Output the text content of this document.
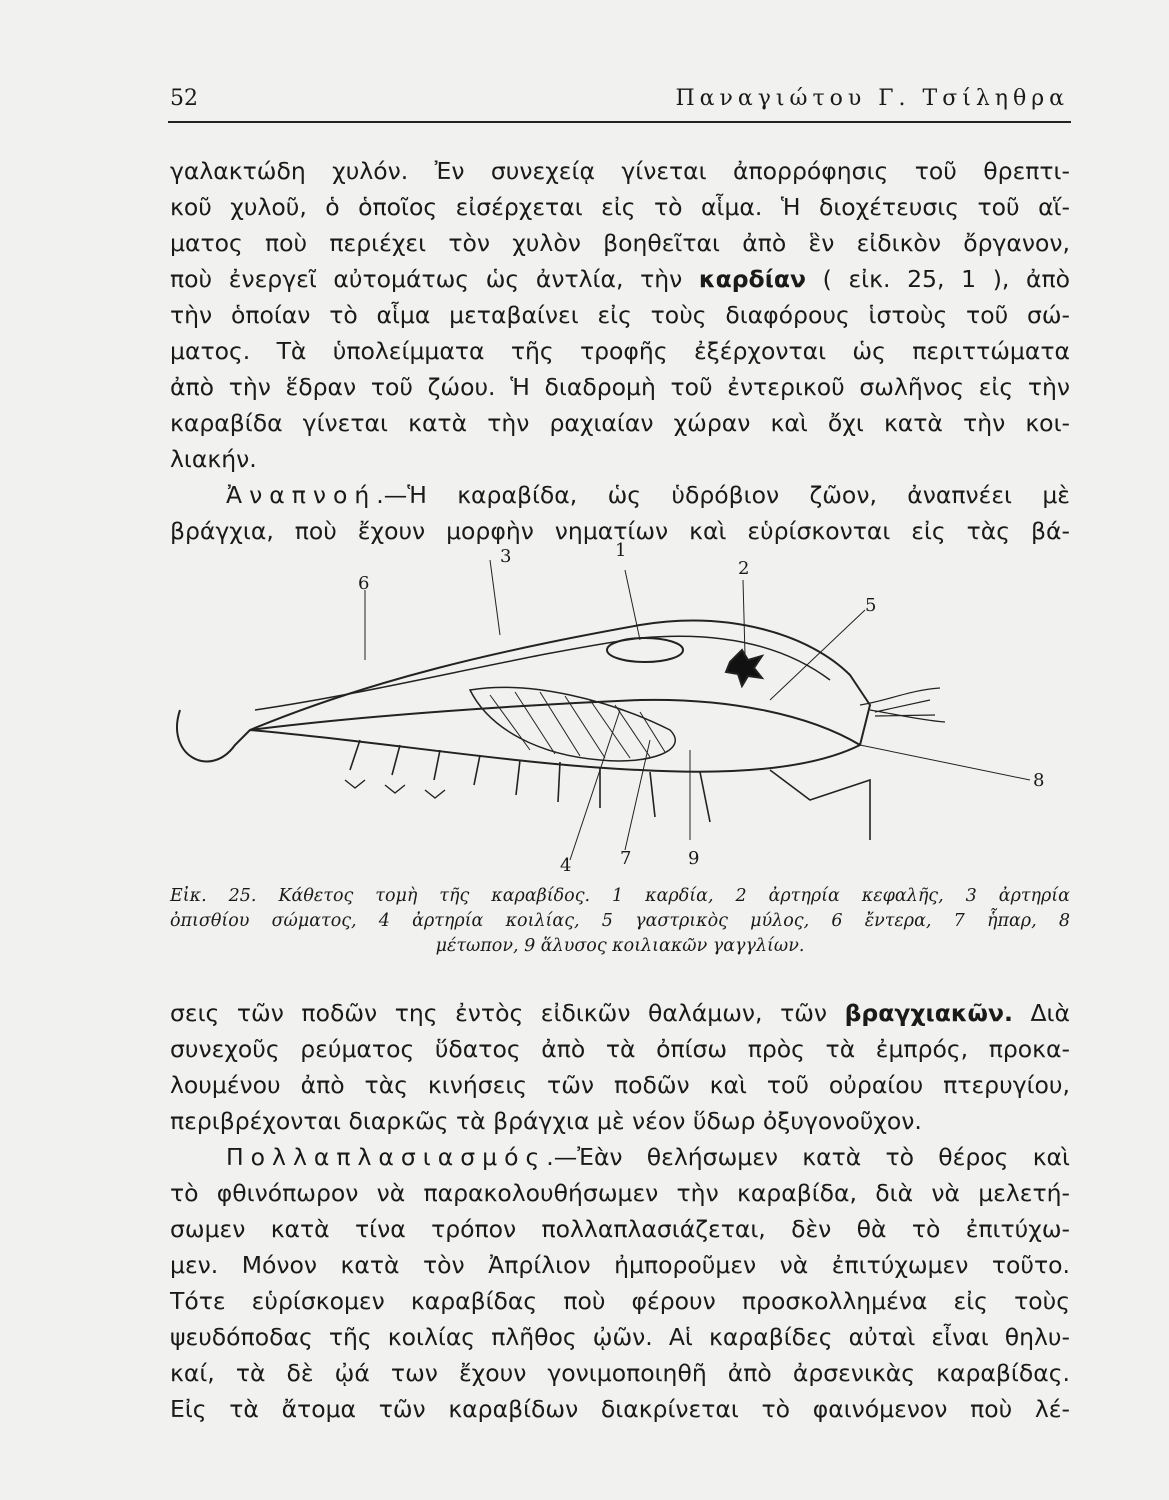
52	Παναγιώτου Γ. Τσίληθρα
γαλακτώδη χυλόν. Ἐν συνεχείᾳ γίνεται ἀπορρόφησις τοῦ θρεπτι-
κοῦ χυλοῦ, ὁ ὁποῖος εἰσέρχεται εἰς τὸ αἷμα. Ἡ διοχέτευσις τοῦ αἵ-
ματος ποὺ περιέχει τὸν χυλὸν βοηθεῖται ἀπὸ ἓν εἰδικὸν ὄργανον,
ποὺ ἐνεργεῖ αὐτομάτως ὡς ἀντλία, τὴν καρδίαν ( εἰκ. 25, 1 ), ἀπὸ
τὴν ὁποίαν τὸ αἷμα μεταβαίνει εἰς τοὺς διαφόρους ἱστοὺς τοῦ σώ-
ματος. Τὰ ὑπολείμματα τῆς τροφῆς ἐξέρχονται ὡς περιττώματα
ἀπὸ τὴν ἕδραν τοῦ ζώου. Ἡ διαδρομὴ τοῦ ἐντερικοῦ σωλῆνος εἰς τὴν
καραβίδα γίνεται κατὰ τὴν ραχιαίαν χώραν καὶ ὄχι κατὰ τὴν κοι-
λιακήν.
Ἀναπνοή.—Ἡ καραβίδα, ὡς ὑδρόβιον ζῶον, ἀναπνέει μὲ
βράγχια, ποὺ ἔχουν μορφὴν νηματίων καὶ εὑρίσκονται εἰς τὰς βά-
1
2
3
4
5
6
7
8
9
Εἰκ. 25. Κάθετος τομὴ τῆς καραβίδος. 1 καρδία, 2 ἀρτηρία κεφαλῆς, 3 ἀρτηρία
ὀπισθίου σώματος, 4 ἀρτηρία κοιλίας, 5 γαστρικὸς μύλος, 6 ἔντερα, 7 ἧπαρ, 8
μέτωπον, 9 ἅλυσος κοιλιακῶν γαγγλίων.
σεις τῶν ποδῶν της ἐντὸς εἰδικῶν θαλάμων, τῶν βραγχιακῶν. Διὰ
συνεχοῦς ρεύματος ὕδατος ἀπὸ τὰ ὀπίσω πρὸς τὰ ἐμπρός, προκα-
λουμένου ἀπὸ τὰς κινήσεις τῶν ποδῶν καὶ τοῦ οὐραίου πτερυγίου,
περιβρέχονται διαρκῶς τὰ βράγχια μὲ νέον ὕδωρ ὀξυγονοῦχον.
Πολλαπλασιασμός.—Ἐὰν θελήσωμεν κατὰ τὸ θέρος καὶ
τὸ φθινόπωρον νὰ παρακολουθήσωμεν τὴν καραβίδα, διὰ νὰ μελετή-
σωμεν κατὰ τίνα τρόπον πολλαπλασιάζεται, δὲν θὰ τὸ ἐπιτύχω-
μεν. Μόνον κατὰ τὸν Ἀπρίλιον ἠμποροῦμεν νὰ ἐπιτύχωμεν τοῦτο.
Τότε εὑρίσκομεν καραβίδας ποὺ φέρουν προσκολλημένα εἰς τοὺς
ψευδόποδας τῆς κοιλίας πλῆθος ᾠῶν. Αἱ καραβίδες αὐταὶ εἶναι θηλυ-
καί, τὰ δὲ ᾠά των ἔχουν γονιμοποιηθῆ ἀπὸ ἀρσενικὰς καραβίδας.
Εἰς τὰ ἄτομα τῶν καραβίδων διακρίνεται τὸ φαινόμενον ποὺ λέ-
